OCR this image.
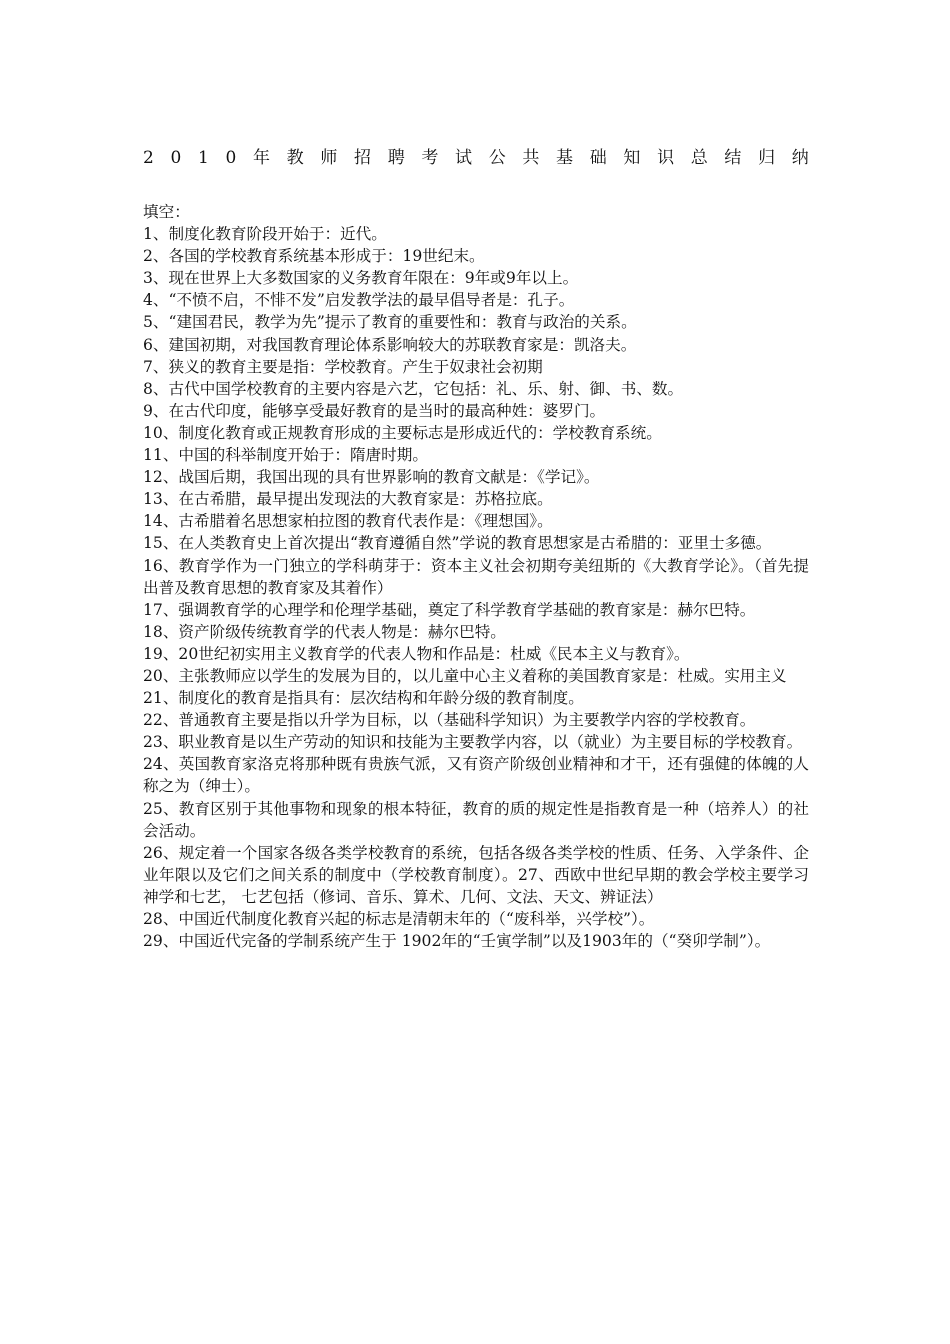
2 0 1 0 年 教 师 招 聘 考 试 公 共 基 础 知 识 总 结 归 纳

填空：

1、制度化教育阶段开始于：近代。

2、各国的学校教育系统基本形成于：19世纪末。

3、现在世界上大多数国家的义务教育年限在：9年或9年以上。

4、“不愤不启，不悱不发”启发教学法的最早倡导者是：孔子。

5、“建国君民，教学为先”提示了教育的重要性和：教育与政治的关系。

6、建国初期，对我国教育理论体系影响较大的苏联教育家是：凯洛夫。

7、狭义的教育主要是指：学校教育。产生于奴隶社会初期

8、古代中国学校教育的主要内容是六艺，它包括：礼、乐、射、御、书、数。

9、在古代印度，能够享受最好教育的是当时的最高种姓：婆罗门。

10、制度化教育或正规教育形成的主要标志是形成近代的：学校教育系统。

11、中国的科举制度开始于：隋唐时期。

12、战国后期，我国出现的具有世界影响的教育文献是：《学记》。

13、在古希腊，最早提出发现法的大教育家是：苏格拉底。

14、古希腊着名思想家柏拉图的教育代表作是：《理想国》。

15、在人类教育史上首次提出“教育遵循自然”学说的教育思想家是古希腊的：亚里士多德。

16、教育学作为一门独立的学科萌芽于：资本主义社会初期夸美纽斯的《大教育学论》。（首先提出普及教育思想的教育家及其着作）

17、强调教育学的心理学和伦理学基础，奠定了科学教育学基础的教育家是：赫尔巴特。

18、资产阶级传统教育学的代表人物是：赫尔巴特。

19、20世纪初实用主义教育学的代表人物和作品是：杜威《民本主义与教育》。

20、主张教师应以学生的发展为目的，以儿童中心主义着称的美国教育家是：杜威。实用主义

21、制度化的教育是指具有：层次结构和年龄分级的教育制度。

22、普通教育主要是指以升学为目标，以（基础科学知识）为主要教学内容的学校教育。

23、职业教育是以生产劳动的知识和技能为主要教学内容，以（就业）为主要目标的学校教育。

24、英国教育家洛克将那种既有贵族气派，又有资产阶级创业精神和才干，还有强健的体魄的人称之为（绅士）。

25、教育区别于其他事物和现象的根本特征，教育的质的规定性是指教育是一种（培养人）的社会活动。

26、规定着一个国家各级各类学校教育的系统，包括各级各类学校的性质、任务、入学条件、企业年限以及它们之间关系的制度中（学校教育制度）。27、西欧中世纪早期的教会学校主要学习神学和七艺， 七艺包括（修词、音乐、算术、几何、文法、天文、辨证法）

28、中国近代制度化教育兴起的标志是清朝末年的（“废科举，兴学校”）。

29、中国近代完备的学制系统产生于 1902年的“壬寅学制”以及1903年的（“癸卯学制”）。
